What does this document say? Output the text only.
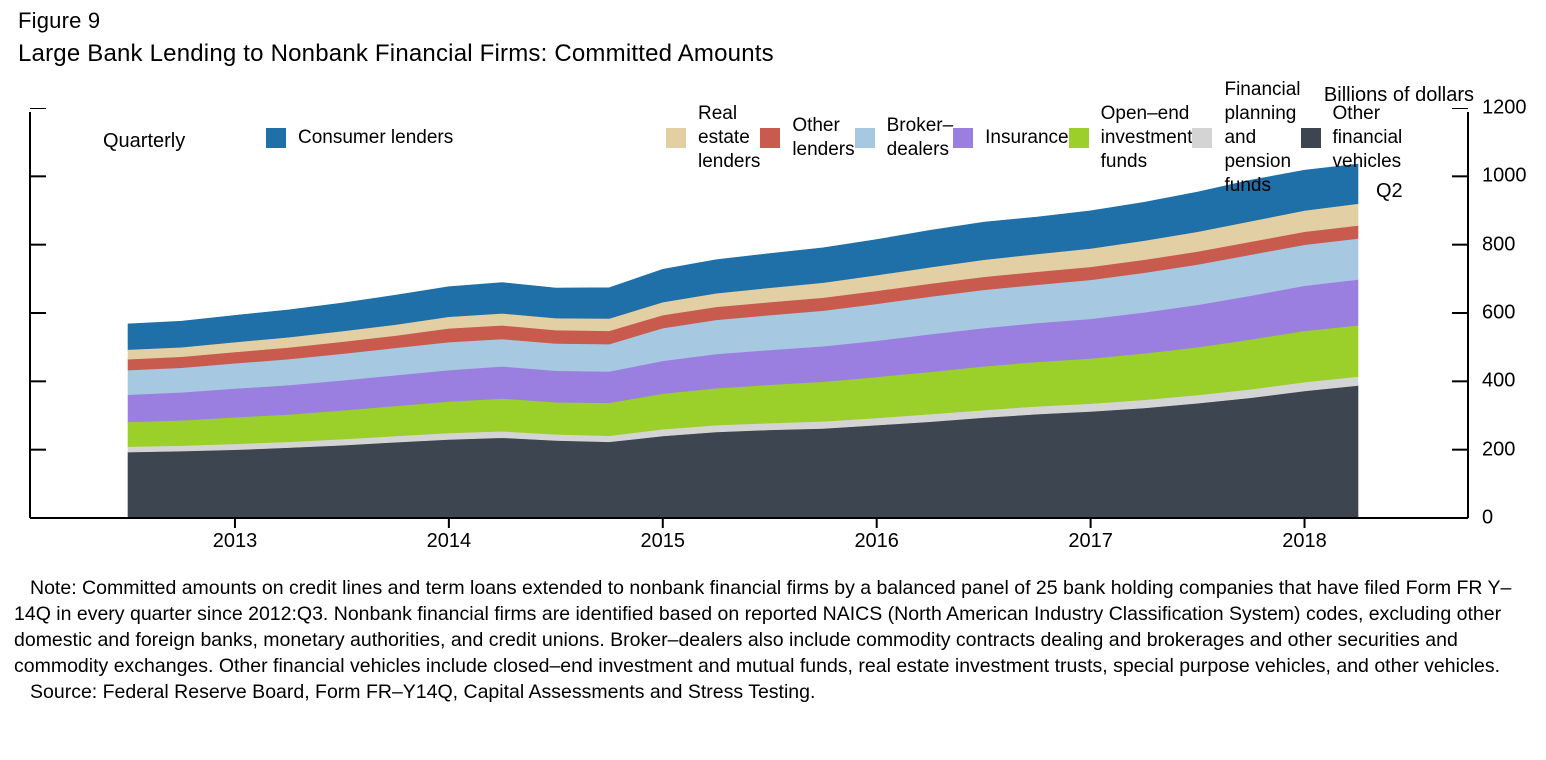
Figure 9
Large Bank Lending to Nonbank Financial Firms: Committed Amounts
Billions of dollars
Quarterly
Q2
Consumer lenders
Real estate lenders
Other lenders
Broker–dealers
Insurance
Open–end investment funds
Financial planning and pension funds
Other financial vehicles
0
200
400
600
800
1000
1200
2013	2014	2015	2016	2017	2018

Note: Committed amounts on credit lines and term loans extended to nonbank financial firms by a balanced panel of 25 bank holding companies that have filed Form FR Y–14Q in every quarter since 2012:Q3. Nonbank financial firms are identified based on reported NAICS (North American Industry Classification System) codes, excluding other domestic and foreign banks, monetary authorities, and credit unions. Broker–dealers also include commodity contracts dealing and brokerages and other securities and commodity exchanges. Other financial vehicles include closed–end investment and mutual funds, real estate investment trusts, special purpose vehicles, and other vehicles.

Source: Federal Reserve Board, Form FR–Y14Q, Capital Assessments and Stress Testing.
